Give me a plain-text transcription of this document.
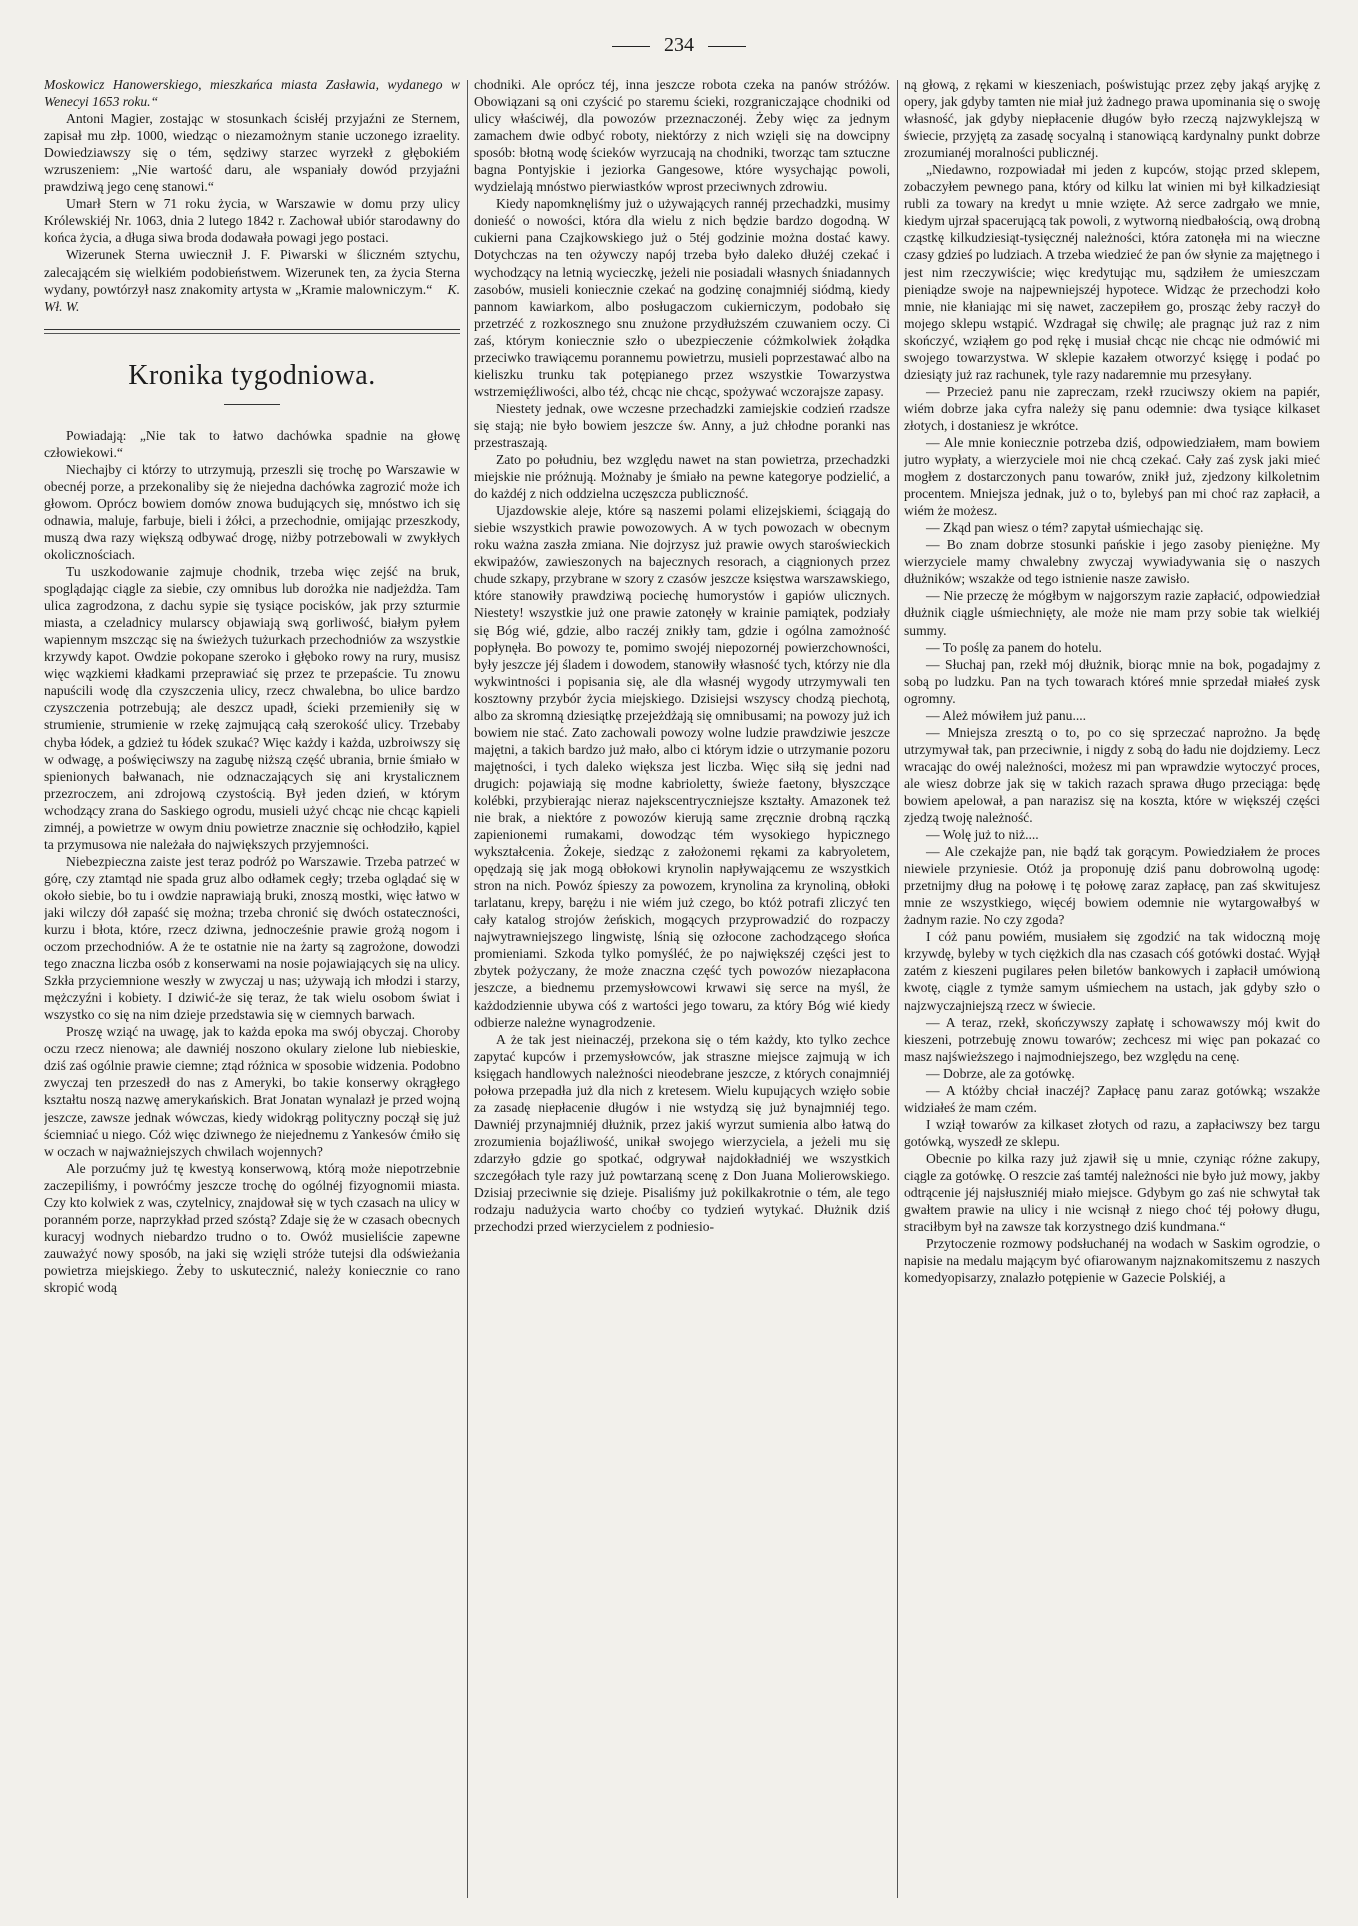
234

Moskowicz Hanowerskiego, mieszkańca miasta Zasławia, wydanego w Wenecyi 1653 roku.“

Antoni Magier, zostając w stosunkach ścisłéj przyjaźni ze Sternem, zapisał mu złp. 1000, wiedząc o niezamożnym stanie uczonego izraelity. Dowiedziawszy się o tém, sędziwy starzec wyrzekł z głębokiém wzruszeniem: „Nie wartość daru, ale wspaniały dowód przyjaźni prawdziwą jego cenę stanowi.“

Umarł Stern w 71 roku życia, w Warszawie w domu przy ulicy Królewskiéj Nr. 1063, dnia 2 lutego 1842 r. Zachował ubiór starodawny do końca życia, a długa siwa broda dodawała powagi jego postaci.

Wizerunek Sterna uwiecznił J. F. Piwarski w śliczném sztychu, zalecającém się wielkiém podobieństwem. Wizerunek ten, za życia Sterna wydany, powtórzył nasz znakomity artysta w „Kramie malowniczym.“ K. Wł. W.

Kronika tygodniowa.

Powiadają: „Nie tak to łatwo dachówka spadnie na głowę człowiekowi.“

Niechajby ci którzy to utrzymują, przeszli się trochę po Warszawie w obecnéj porze, a przekonaliby się że niejedna dachówka zagrozić może ich głowom. Oprócz bowiem domów znowa budujących się, mnóstwo ich się odnawia, maluje, farbuje, bieli i żółci, a przechodnie, omijając przeszkody, muszą dwa razy większą odbywać drogę, niżby potrzebowali w zwykłych okolicznościach.

Tu uszkodowanie zajmuje chodnik, trzeba więc zejść na bruk, spoglądając ciągle za siebie, czy omnibus lub dorożka nie nadjeżdża. Tam ulica zagrodzona, z dachu sypie się tysiące pocisków, jak przy szturmie miasta, a czeladnicy mularscy objawiają swą gorliwość, białym pyłem wapiennym mszcząc się na świeżych tużurkach przechodniów za wszystkie krzywdy kapot. Owdzie pokopane szeroko i głęboko rowy na rury, musisz więc wązkiemi kładkami przeprawiać się przez te przepaście. Tu znowu napuścili wodę dla czyszczenia ulicy, rzecz chwalebna, bo ulice bardzo czyszczenia potrzebują; ale deszcz upadł, ścieki przemieniły się w strumienie, strumienie w rzekę zajmującą całą szerokość ulicy. Trzebaby chyba łódek, a gdzież tu łódek szukać? Więc każdy i każda, uzbroiwszy się w odwagę, a poświęciwszy na zagubę niższą część ubrania, brnie śmiało w spienionych bałwanach, nie odznaczających się ani krystalicznem przezroczem, ani zdrojową czystością. Był jeden dzień, w którym wchodzący zrana do Saskiego ogrodu, musieli użyć chcąc nie chcąc kąpieli zimnéj, a powietrze w owym dniu powietrze znacznie się ochłodziło, kąpiel ta przymusowa nie należała do największych przyjemności.

Niebezpieczna zaiste jest teraz podróż po Warszawie. Trzeba patrzeć w górę, czy ztamtąd nie spada gruz albo odłamek cegły; trzeba oglądać się w około siebie, bo tu i owdzie naprawiają bruki, znoszą mostki, więc łatwo w jaki wilczy dół zapaść się można; trzeba chronić się dwóch ostateczności, kurzu i błota, które, rzecz dziwna, jednocześnie prawie grożą nogom i oczom przechodniów. A że te ostatnie nie na żarty są zagrożone, dowodzi tego znaczna liczba osób z konserwami na nosie pojawiających się na ulicy. Szkła przyciemnione weszły w zwyczaj u nas; używają ich młodzi i starzy, mężczyźni i kobiety. I dziwić-że się teraz, że tak wielu osobom świat i wszystko co się na nim dzieje przedstawia się w ciemnych barwach.

Proszę wziąć na uwagę, jak to każda epoka ma swój obyczaj. Choroby oczu rzecz nienowa; ale dawniéj noszono okulary zielone lub niebieskie, dziś zaś ogólnie prawie ciemne; ztąd różnica w sposobie widzenia. Podobno zwyczaj ten przeszedł do nas z Ameryki, bo takie konserwy okrągłego kształtu noszą nazwę amerykańskich. Brat Jonatan wynalazł je przed wojną jeszcze, zawsze jednak wówczas, kiedy widokrąg polityczny począł się już ściemniać u niego. Cóż więc dziwnego że niejednemu z Yankesów ćmiło się w oczach w najważniejszych chwilach wojennych?

Ale porzućmy już tę kwestyą konserwową, którą może niepotrzebnie zaczepiliśmy, i powróćmy jeszcze trochę do ogólnéj fizyognomii miasta. Czy kto kolwiek z was, czytelnicy, znajdował się w tych czasach na ulicy w poranném porze, naprzykład przed szóstą? Zdaje się że w czasach obecnych kuracyj wodnych niebardzo trudno o to. Owóż musieliście zapewne zauważyć nowy sposób, na jaki się wzięli stróże tutejsi dla odświeżania powietrza miejskiego. Żeby to uskutecznić, należy koniecznie co rano skropić wodą

chodniki. Ale oprócz téj, inna jeszcze robota czeka na panów stróżów. Obowiązani są oni czyścić po staremu ścieki, rozgraniczające chodniki od ulicy właściwéj, dla powozów przeznaczonéj. Żeby więc za jednym zamachem dwie odbyć roboty, niektórzy z nich wzięli się na dowcipny sposób: błotną wodę ścieków wyrzucają na chodniki, tworząc tam sztuczne bagna Pontyjskie i jeziorka Gangesowe, które wysychając powoli, wydzielają mnóstwo pierwiastków wprost przeciwnych zdrowiu.

Kiedy napomknęliśmy już o używających rannéj przechadzki, musimy donieść o nowości, która dla wielu z nich będzie bardzo dogodną. W cukierni pana Czajkowskiego już o 5téj godzinie można dostać kawy. Dotychczas na ten ożywczy napój trzeba było daleko dłużéj czekać i wychodzący na letnią wycieczkę, jeżeli nie posiadali własnych śniadannych zasobów, musieli koniecznie czekać na godzinę conajmniéj siódmą, kiedy pannom kawiarkom, albo posługaczom cukierniczym, podobało się przetrzéć z rozkosznego snu znużone przydłuższém czuwaniem oczy. Ci zaś, którym koniecznie szło o ubezpieczenie cóżmkolwiek żołądka przeciwko trawiącemu porannemu powietrzu, musieli poprzestawać albo na kieliszku trunku tak potępianego przez wszystkie Towarzystwa wstrzemięźliwości, albo téż, chcąc nie chcąc, spożywać wczorajsze zapasy.

Niestety jednak, owe wczesne przechadzki zamiejskie codzień rzadsze się stają; nie było bowiem jeszcze św. Anny, a już chłodne poranki nas przestraszają.

Zato po południu, bez względu nawet na stan powietrza, przechadzki miejskie nie próżnują. Możnaby je śmiało na pewne kategorye podzielić, a do każdéj z nich oddzielna uczęszcza publiczność.

Ujazdowskie aleje, które są naszemi polami elizejskiemi, ściągają do siebie wszystkich prawie powozowych. A w tych powozach w obecnym roku ważna zaszła zmiana. Nie dojrzysz już prawie owych staroświeckich ekwipażów, zawieszonych na bajecznych resorach, a ciągnionych przez chude szkapy, przybrane w szory z czasów jeszcze księstwa warszawskiego, które stanowiły prawdziwą pociechę humorystów i gapiów ulicznych. Niestety! wszystkie już one prawie zatonęły w krainie pamiątek, podziały się Bóg wié, gdzie, albo raczéj znikły tam, gdzie i ogólna zamożność popłynęła. Bo powozy te, pomimo swojéj niepozornéj powierzchowności, były jeszcze jéj śladem i dowodem, stanowiły własność tych, którzy nie dla wykwintności i popisania się, ale dla własnéj wygody utrzymywali ten kosztowny przybór życia miejskiego. Dzisiejsi wszyscy chodzą piechotą, albo za skromną dziesiątkę przejeżdżają się omnibusami; na powozy już ich bowiem nie stać. Zato zachowali powozy wolne ludzie prawdziwie jeszcze majętni, a takich bardzo już mało, albo ci którym idzie o utrzymanie pozoru majętności, i tych daleko większa jest liczba. Więc siłą się jedni nad drugich: pojawiają się modne kabrioletty, świeże faetony, błyszczące kolébki, przybierając nieraz najekscentryczniejsze kształty. Amazonek też nie brak, a niektóre z powozów kierują same zręcznie drobną rączką zapienionemi rumakami, dowodząc tém wysokiego hypicznego wykształcenia. Żokeje, siedząc z założonemi rękami za kabryoletem, opędzają się jak mogą obłokowi krynolin napływającemu ze wszystkich stron na nich. Powóz śpieszy za powozem, krynolina za krynoliną, obłoki tarlatanu, krepy, barężu i nie wiém już czego, bo któż potrafi zliczyć ten cały katalog strojów żeńskich, mogących przyprowadzić do rozpaczy najwytrawniejszego lingwistę, lśnią się ozłocone zachodzącego słońca promieniami. Szkoda tylko pomyśléć, że po największéj części jest to zbytek pożyczany, że może znaczna część tych powozów niezapłacona jeszcze, a biednemu przemysłowcowi krwawi się serce na myśl, że każdodziennie ubywa cóś z wartości jego towaru, za który Bóg wié kiedy odbierze należne wynagrodzenie.

A że tak jest nieinaczéj, przekona się o tém każdy, kto tylko zechce zapytać kupców i przemysłowców, jak straszne miejsce zajmują w ich księgach handlowych należności nieodebrane jeszcze, z których conajmniéj połowa przepadła już dla nich z kretesem. Wielu kupujących wzięło sobie za zasadę niepłacenie długów i nie wstydzą się już bynajmniéj tego. Dawniéj przynajmniéj dłużnik, przez jakiś wyrzut sumienia albo łatwą do zrozumienia bojaźliwość, unikał swojego wierzyciela, a jeżeli mu się zdarzyło gdzie go spotkać, odgrywał najdokładniéj we wszystkich szczegółach tyle razy już powtarzaną scenę z Don Juana Molierowskiego. Dzisiaj przeciwnie się dzieje. Pisaliśmy już pokilkakrotnie o tém, ale tego rodzaju nadużycia warto choćby co tydzień wytykać. Dłużnik dziś przechodzi przed wierzycielem z podniesio-

ną głową, z rękami w kieszeniach, poświstując przez zęby jakąś aryjkę z opery, jak gdyby tamten nie miał już żadnego prawa upominania się o swoję własność, jak gdyby niepłacenie długów było rzeczą najzwyklejszą w świecie, przyjętą za zasadę socyalną i stanowiącą kardynalny punkt dobrze zrozumianéj moralności publicznéj.

„Niedawno, rozpowiadał mi jeden z kupców, stojąc przed sklepem, zobaczyłem pewnego pana, który od kilku lat winien mi był kilkadziesiąt rubli za towary na kredyt u mnie wzięte. Aż serce zadrgało we mnie, kiedym ujrzał spacerującą tak powoli, z wytworną niedbałością, ową drobną cząstkę kilkudziesiąt-tysięcznéj należności, która zatonęła mi na wieczne czasy gdzieś po ludziach. A trzeba wiedzieć że pan ów słynie za majętnego i jest nim rzeczywiście; więc kredytując mu, sądziłem że umieszczam pieniądze swoje na najpewniejszéj hypotece. Widząc że przechodzi koło mnie, nie kłaniając mi się nawet, zaczepiłem go, prosząc żeby raczył do mojego sklepu wstąpić. Wzdragał się chwilę; ale pragnąc już raz z nim skończyć, wziąłem go pod rękę i musiał chcąc nie chcąc nie odmówić mi swojego towarzystwa. W sklepie kazałem otworzyć księgę i podać po dziesiąty już raz rachunek, tyle razy nadaremnie mu przesyłany.

— Przecież panu nie zapreczam, rzekł rzuciwszy okiem na papiér, wiém dobrze jaka cyfra należy się panu odemnie: dwa tysiące kilkaset złotych, i dostaniesz je wkrótce.

— Ale mnie koniecznie potrzeba dziś, odpowiedziałem, mam bowiem jutro wypłaty, a wierzyciele moi nie chcą czekać. Cały zaś zysk jaki mieć mogłem z dostarczonych panu towarów, znikł już, zjedzony kilkoletnim procentem. Mniejsza jednak, już o to, bylebyś pan mi choć raz zapłacił, a wiém że możesz.

— Zkąd pan wiesz o tém? zapytał uśmiechając się.

— Bo znam dobrze stosunki pańskie i jego zasoby pieniężne. My wierzyciele mamy chwalebny zwyczaj wywiadywania się o naszych dłużników; wszakże od tego istnienie nasze zawisło.

— Nie przeczę że mógłbym w najgorszym razie zapłacić, odpowiedział dłużnik ciągle uśmiechnięty, ale może nie mam przy sobie tak wielkiéj summy.

— To poślę za panem do hotelu.

— Słuchaj pan, rzekł mój dłużnik, biorąc mnie na bok, pogadajmy z sobą po ludzku. Pan na tych towarach któreś mnie sprzedał miałeś zysk ogromny.

— Ależ mówiłem już panu....

— Mniejsza zresztą o to, po co się sprzeczać naprożno. Ja będę utrzymywał tak, pan przeciwnie, i nigdy z sobą do ładu nie dojdziemy. Lecz wracając do owéj należności, możesz mi pan wprawdzie wytoczyć proces, ale wiesz dobrze jak się w takich razach sprawa długo przeciąga: będę bowiem apelował, a pan narazisz się na koszta, które w większéj części zjedzą twoję należność.

— Wolę już to niż....

— Ale czekajże pan, nie bądź tak gorącym. Powiedziałem że proces niewiele przyniesie. Otóż ja proponuję dziś panu dobrowolną ugodę: przetnijmy dług na połowę i tę połowę zaraz zapłacę, pan zaś skwitujesz mnie ze wszystkiego, więcéj bowiem odemnie nie wytargowałbyś w żadnym razie. No czy zgoda?

I cóż panu powiém, musiałem się zgodzić na tak widoczną moję krzywdę, byleby w tych ciężkich dla nas czasach cóś gotówki dostać. Wyjął zatém z kieszeni pugilares pełen biletów bankowych i zapłacił umówioną kwotę, ciągle z tymże samym uśmiechem na ustach, jak gdyby szło o najzwyczajniejszą rzecz w świecie.

— A teraz, rzekł, skończywszy zapłatę i schowawszy mój kwit do kieszeni, potrzebuję znowu towarów; zechcesz mi więc pan pokazać co masz najświeższego i najmodniejszego, bez względu na cenę.

— Dobrze, ale za gotówkę.

— A któżby chciał inaczéj? Zapłacę panu zaraz gotówką; wszakże widziałeś że mam czém.

I wziął towarów za kilkaset złotych od razu, a zapłaciwszy bez targu gotówką, wyszedł ze sklepu.

Obecnie po kilka razy już zjawił się u mnie, czyniąc różne zakupy, ciągle za gotówkę. O reszcie zaś tamtéj należności nie było już mowy, jakby odtrącenie jéj najsłuszniéj miało miejsce. Gdybym go zaś nie schwytał tak gwałtem prawie na ulicy i nie wcisnął z niego choć téj połowy długu, straciłbym był na zawsze tak korzystnego dziś kundmana.“

Przytoczenie rozmowy podsłuchanéj na wodach w Saskim ogrodzie, o napisie na medalu mającym być ofiarowanym najznakomitszemu z naszych komedyopisarzy, znalazło potępienie w Gazecie Polskiéj, a
